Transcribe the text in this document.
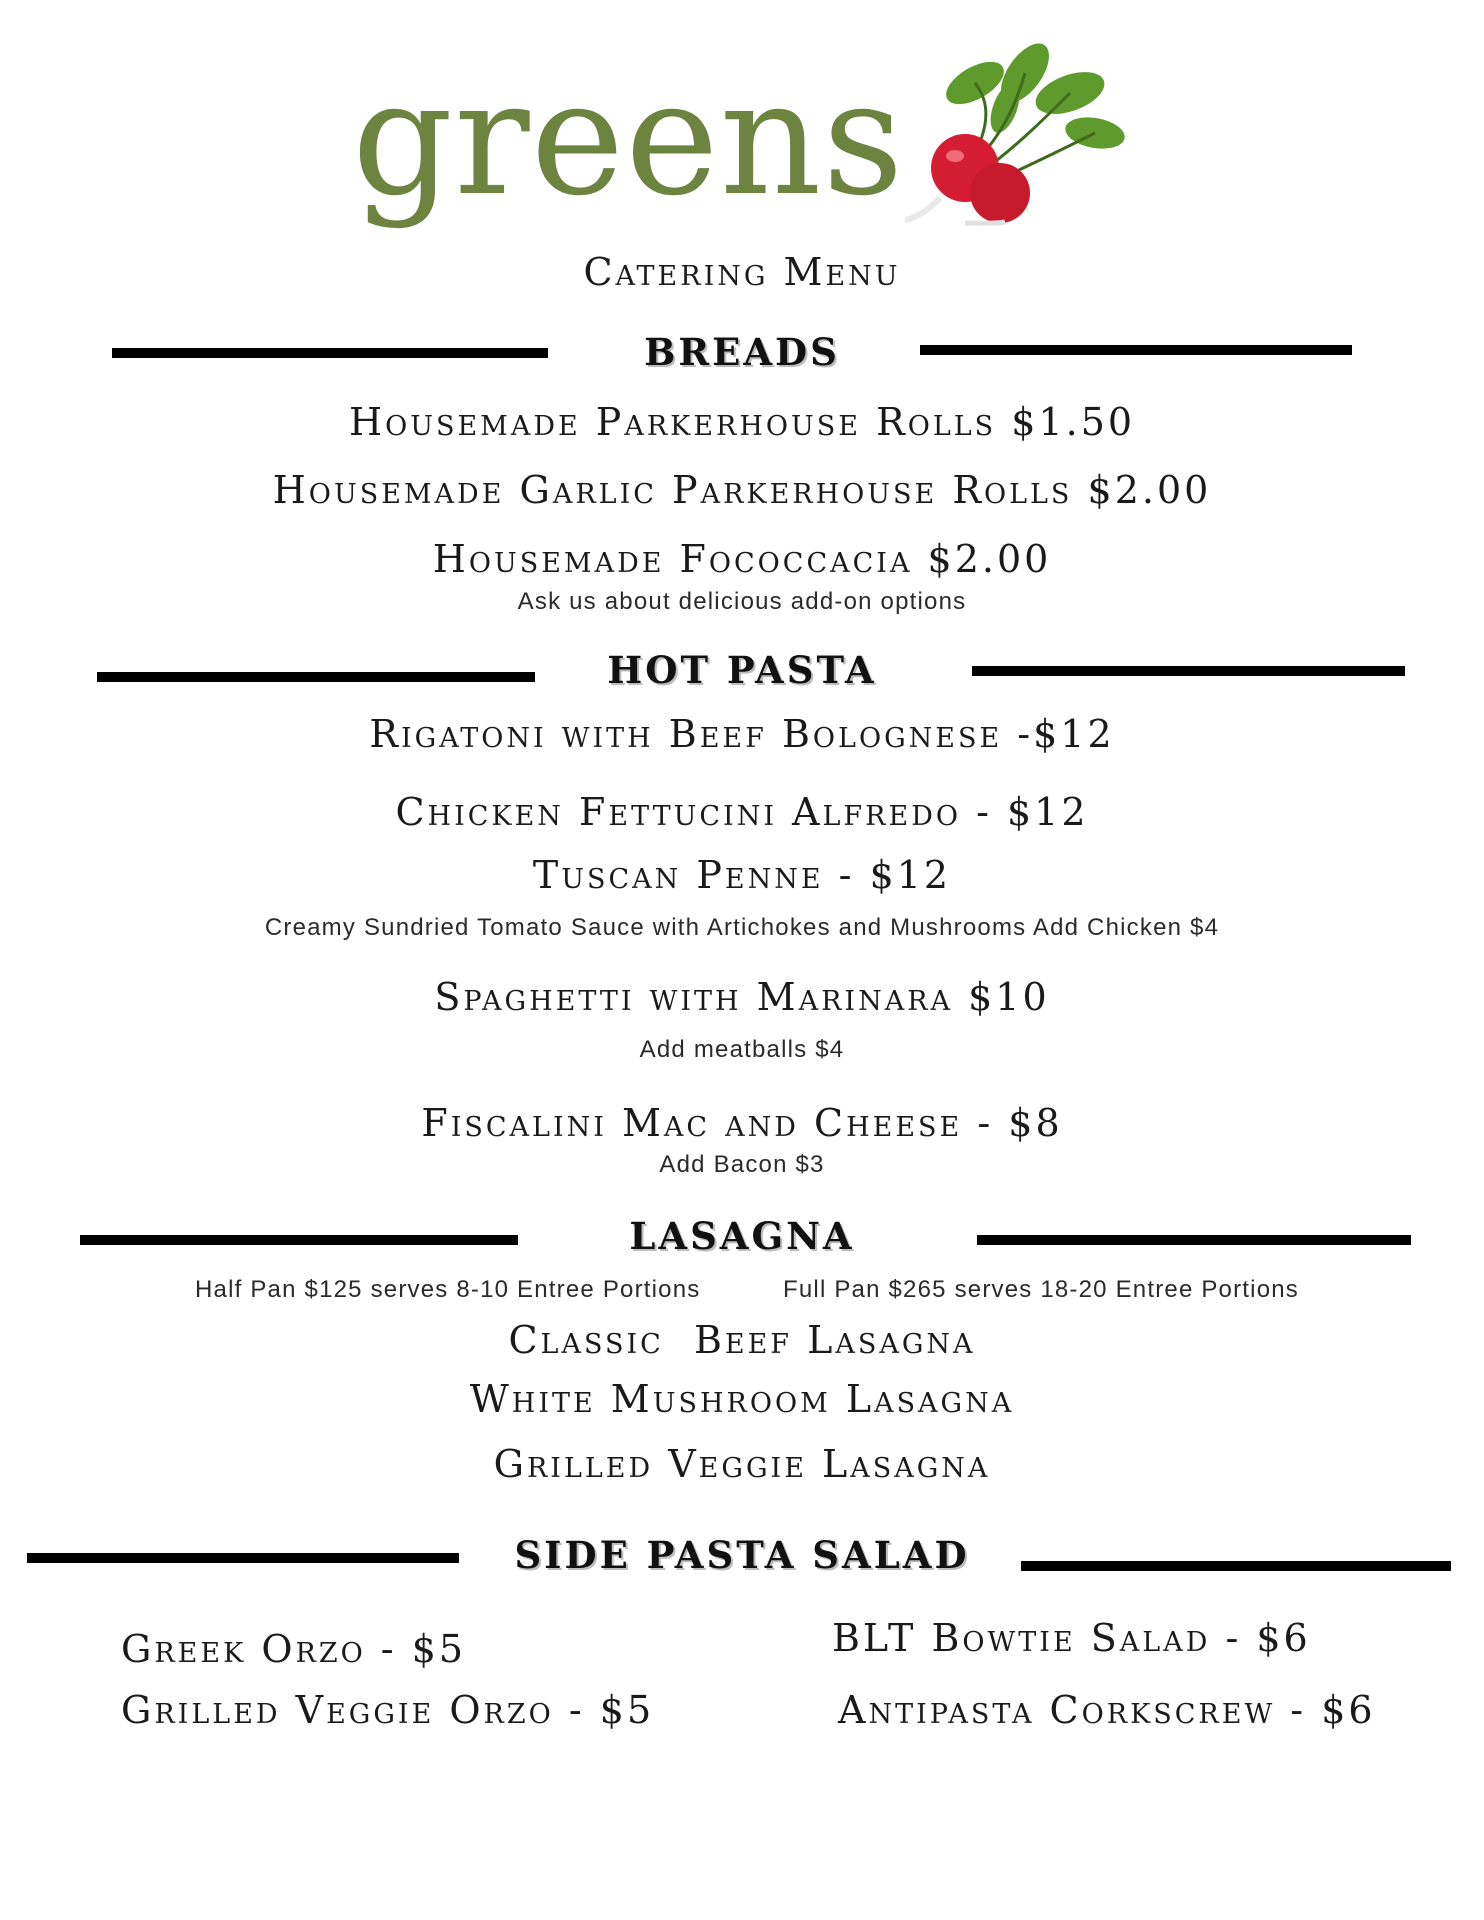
greens
Catering Menu
BREADS
Housemade Parkerhouse Rolls $1.50
Housemade Garlic Parkerhouse Rolls $2.00
Housemade Fococcacia $2.00
Ask us about delicious add-on options
HOT PASTA
Rigatoni with Beef Bolognese -$12
Chicken Fettucini Alfredo - $12
Tuscan Penne - $12
Creamy Sundried Tomato Sauce with Artichokes and Mushrooms Add Chicken $4
Spaghetti with Marinara $10
Add meatballs $4
Fiscalini Mac and Cheese - $8
Add Bacon $3
LASAGNA
Half Pan $125 serves 8-10 Entree Portions	Full Pan $265 serves 18-20 Entree Portions
Classic  Beef Lasagna
White Mushroom Lasagna
Grilled Veggie Lasagna
SIDE PASTA SALAD
Greek Orzo - $5
Grilled Veggie Orzo - $5
BLT Bowtie Salad - $6
Antipasta Corkscrew - $6
